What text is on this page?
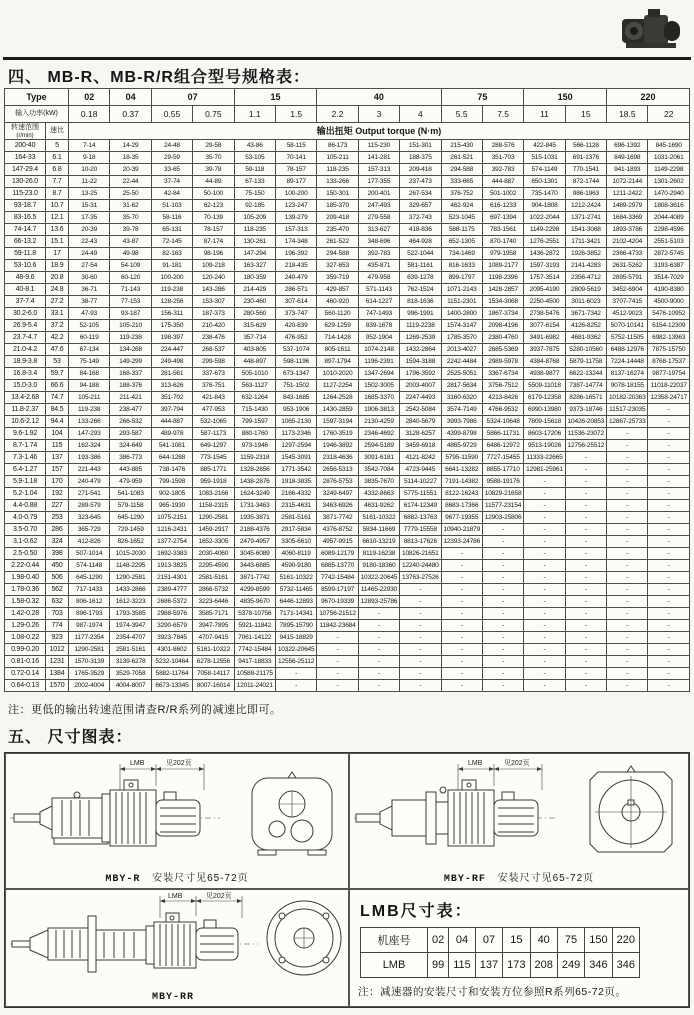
四、 MB-R、MB-R/R组合型号规格表：
Type		02	04	07		15		40			75		150		220	
输入功率(kW)		0.18	0.37	0.55	0.75	1.1	1.5	2.2	3	4	5.5	7.5	11	15	18.5	22
转速范围
(r/min)	速比	输出扭矩 Output torque (N·m)														
200-40	5	7-14	14-29	24-48	29-58	43-86	58-115	86-173	115-230	151-301	215-430	288-576	422-845	566-1128	696-1392	845-1690
164-33	6.1	9-18	18-35	29-59	35-70	53-105	70-141	105-211	141-281	188-375	261-521	351-703	515-1031	691-1376	849-1698	1031-2061
147-29.4	6.8	10-20	20-39	33-65	39-78	59-118	78-157	118-235	157-313	209-418	294-588	392-783	574-1149	770-1541	941-1893	1149-2298
130-26.0	7.7	11-22	22-44	37-74	44-89	67-133	89-177	133-266	177-355	237-473	333-665	444-887	650-1301	872-1744	1072-2144	1301-2602
115-23.0	8.7	13-25	25-50	42-84	50-100	75-150	100-200	150-301	200-401	267-534	376-752	501-1002	735-1470	986-1963	1211-2422	1470-2940
93-18.7	10.7	15-31	31-62	51-103	62-123	92-185	123-247	185-370	247-493	329-657	462-924	616-1233	904-1808	1212-2424	1489-2979	1808-3616
83-16.5	12.1	17-35	35-70	58-116	70-139	105-209	139-279	209-418	279-558	372-743	523-1045	697-1394	1022-2044	1371-2741	1684-3369	2044-4089
74-14.7	13.6	20-39	39-78	65-131	78-157	118-235	157-313	235-470	313-627	418-836	588-1175	783-1561	1149-2298	1541-3068	1893-3786	2298-4596
66-13.2	15.1	22-43	43-87	72-145	87-174	130-261	174-348	261-522	348-696	464-928	652-1305	870-1740	1276-2551	1711-3421	2102-4204	2551-5103
59-11.8	17	24-49	49-98	82-163	98-196	147-294	196-392	294-588	392-783	522-1044	734-1469	979-1958	1436-2872	1926-3852	2366-4733	2872-5745
53-10.6	18.9	27-54	54-109	91-181	109-218	163-327	218-435	327-653	435-871	581-1161	816-1633	1089-2177	1597-3193	2141-4283	2631-5262	3193-6387
48-9.6	20.8	30-60	60-120	100-200	120-240	180-359	240-479	359-719	479-958	639-1278	899-1797	1198-2396	1757-3514	2356-4712	2895-5791	3514-7029
40-8.1	24.8	36-71	71-143	119-238	143-286	214-429	286-571	429-857	571-1143	762-1524	1071-2143	1428-2857	2095-4190	2809-5619	3452-6904	4190-8380
37-7.4	27.2	38-77	77-153	128-256	153-307	230-460	307-614	460-920	614-1227	818-1636	1151-2301	1534-3068	2250-4500	3011-6023	3707-7415	4500-9000
30.2-6.0	33.1	47-93	93-187	156-311	187-373	280-560	373-747	560-1120	747-1493	996-1991	1400-2800	1867-3734	2738-5476	3671-7342	4512-9023	5476-10952
26.9-5.4	37.2	52-105	105-210	175-350	210-420	315-629	420-839	629-1259	839-1678	1119-2238	1574-3147	2098-4196	3077-6154	4126-8252	5070-10141	6154-12309
23.7-4.7	42.2	60-119	119-238	198-397	238-476	357-714	476-952	714-1428	952-1904	1269-2539	1785-3570	2380-4760	3491-6982	4681-9362	5752-11505	6982-13963
21.0-4.2	47.6	67-134	134-268	224-447	268-537	403-805	537-1074	805-1611	1074-2148	1432-2864	2013-4027	2685-5369	3937-7875	5280-10560	6488-12976	7875-15750
18.9-3.8	53	75-149	149-299	249-498	299-598	448-897	598-1196	897-1794	1196-2391	1594-3188	2242-4484	2989-5978	4384-8768	5879-11758	7224-14448	8768-17537
16.8-3.4	59.7	84-168	168-337	281-561	337-673	505-1010	673-1347	1010-2020	1347-2694	1796-3592	2525-5051	3367-6734	4938-9877	6622-13244	8137-16274	9877-19754
15.0-3.0	66.6	94-188	188-376	313-626	376-751	563-1127	751-1502	1127-2254	1502-3005	2003-4007	2817-5634	3756-7512	5509-11018	7387-14774	9078-18155	11018-22037
13.4-2.68	74.7	105-211	211-421	351-702	421-843	632-1264	843-1685	1264-2528	1685-3370	2247-4493	3160-6320	4213-8426	6179-12358	8286-16571	10182-20363	12358-24717
11.8-2.37	84.5	119-238	238-477	397-794	477-953	715-1430	953-1906	1430-2859	1906-3813	2542-5084	3574-7149	4766-9532	6990-13980	9373-18746	11517-23035	-
10.6-2.12	94.4	133-266	266-532	444-887	532-1065	799-1597	1065-2130	1597-3194	2130-4259	2840-5679	3993-7986	5324-10648	7809-15618	10426-20853	12867-25733	-
9.6-1.92	104	147-293	293-587	489-978	587-1173	880-1760	1173-2346	1760-3519	2346-4692	3128-6257	4399-8798	5866-11731	8603-17206	11536-23072	-	-
8.7-1.74	115	162-324	324-649	541-1081	649-1297	973-1946	1297-2594	1946-3892	2594-5189	3459-6918	4865-9729	6486-12972	9513-19026	12756-25512	-	-
7.3-1.46	137	193-386	386-773	644-1288	773-1545	1159-2318	1545-3091	2318-4636	3091-6181	4121-8242	5795-11590	7727-15455	11333-22665	-	-	-
6.4-1.27	157	221-443	443-885	738-1476	885-1771	1328-2656	1771-3542	2656-5313	3542-7084	4723-9445	6641-13282	8855-17710	12981-25961	-	-	-
5.9-1.18	170	240-479	479-959	799-1598	959-1918	1438-2876	1918-3835	2876-5753	3835-7670	5114-10227	7191-14382	9588-19176	-	-	-	-
5.2-1.04	192	271-541	541-1083	902-1805	1083-2166	1624-3249	2166-4332	3249-6497	4332-8663	5775-11551	8122-16243	10829-21658	-	-	-	-
4.4-0.88	227	289-579	579-1158	965-1930	1158-2315	1731-3463	2315-4631	3463-6926	4631-9262	6174-12349	8683-17366	11577-23154	-	-	-	-
4.0-0.79	253	323-645	645-1290	1075-2151	1290-2581	1935-3871	2581-5161	3871-7742	5161-10322	6882-13763	9677-19355	12903-25806	-	-	-	-
3.5-0.70	286	365-729	729-1459	1216-2431	1459-2917	2188-4376	2917-5834	4376-8752	5834-11669	7779-15558	10940-21879	-	-	-	-	-
3.1-0.62	324	412-826	826-1652	1377-2754	1652-3305	2479-4957	3305-6610	4957-9915	6610-13219	8813-17626	12393-24786	-	-	-	-	-
2.5-0.50	398	507-1014	1015-2030	1692-3383	2030-4060	3045-6089	4060-8119	6089-12179	8119-16238	10826-21651	-	-	-	-	-	-
2.22-0.44	450	574-1148	1148-2295	1913-3825	2295-4590	3443-6885	4590-9180	6885-13770	9180-18360	12240-24480	-	-	-	-	-	-
1.98-0.40	506	645-1290	1290-2581	2151-4301	2581-5161	3871-7742	5161-10322	7742-15484	10322-20645	13763-27526	-	-	-	-	-	-
1.78-0.36	562	717-1433	1433-2866	2389-4777	2866-5732	4299-8599	5732-11465	8599-17197	11465-22930	-	-	-	-	-	-	-
1.58-0.32	632	806-1612	1612-3223	2686-5372	3223-6446	4835-9670	6446-12893	9670-19339	12893-25786	-	-	-	-	-	-	-
1.42-0.28	703	896-1793	1793-3585	2988-5976	3585-7171	5378-10756	7171-14341	10756-21512	-	-	-	-	-	-	-	-
1.29-0.26	774	987-1974	1974-3947	3290-6579	3947-7895	5921-11842	7895-15790	11842-23684	-	-	-	-	-	-	-	-
1.08-0.22	923	1177-2354	2354-4707	3923-7845	4707-9415	7061-14122	9415-18829	-	-	-	-	-	-	-	-	-
0.99-0.20	1012	1290-2581	2581-5161	4301-8602	5161-10322	7742-15484	10322-20645	-	-	-	-	-	-	-	-	-
0.81-0.16	1231	1570-3139	3139-6278	5232-10464	6278-12556	9417-18833	12556-25112	-	-	-	-	-	-	-	-	-
0.72-0.14	1384	1765-3529	3529-7058	5882-11764	7058-14117	10588-21175	-	-	-	-	-	-	-	-	-	-
0.64-0.13	1570	2002-4004	4004-8007	6673-13345	8007-16014	12011-24021	-	-	-	-	-	-	-	-	-	-
注：更低的输出转速范围请查R/R系列的减速比即可。
五、 尺寸图表：
LMB	见202页
MBY-R 安装尺寸见65-72页
LMB	见202页
MBY-RF 安装尺寸见65-72页
LMB	见202页
MBY-RR
LMB尺寸表：
机座号	02	04	07	15	40	75	150	220
LMB	99	115	137	173	208	249	346	346
注：减速器的安装尺寸和安装方位参照R系列65-72页。
